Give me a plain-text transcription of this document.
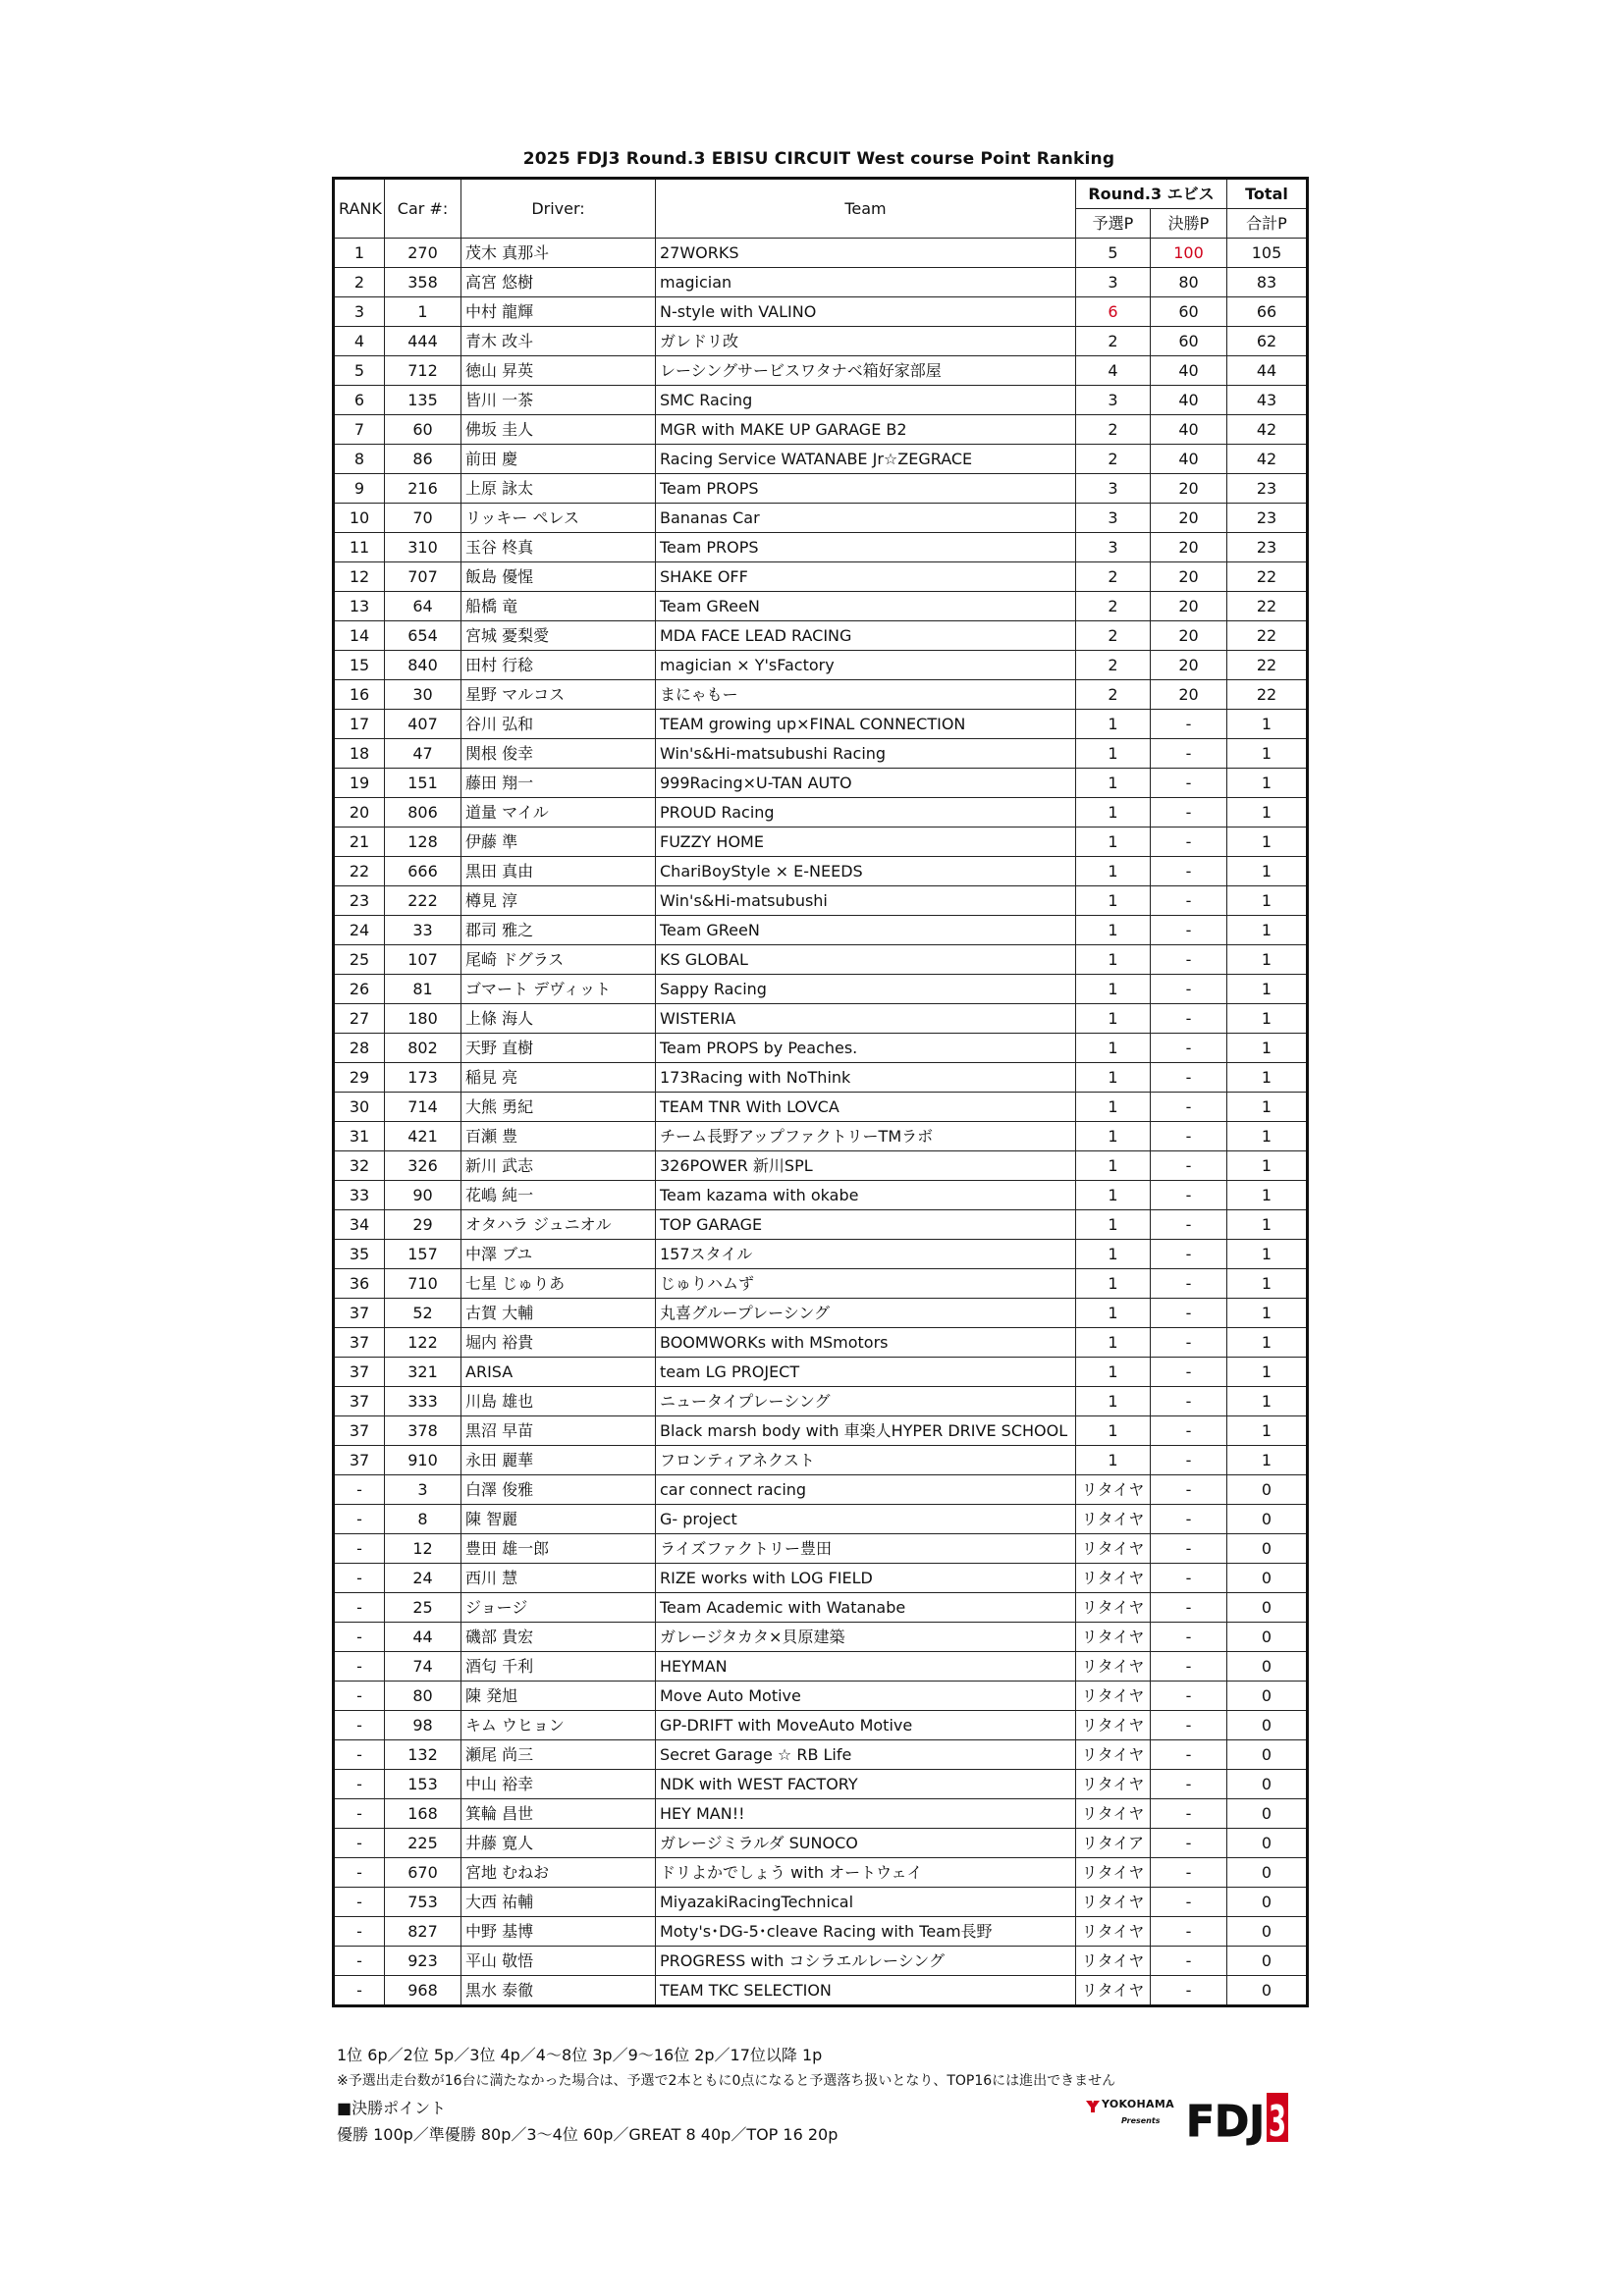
2025 FDJ3 Round.3 EBISU CIRCUIT West course Point Ranking
RANK	Car #:	Driver:	Team	Round.3 エビス		Total
				予選P	決勝P	合計P
1	270	茂木 真那斗	27WORKS	5	100	105
2	358	高宮 悠樹	magician	3	80	83
3	1	中村 龍輝	N-style with VALINO	6	60	66
4	444	青木 改斗	ガレドリ改	2	60	62
5	712	徳山 昇英	レーシングサービスワタナベ箱好家部屋	4	40	44
6	135	皆川 一茶	SMC Racing	3	40	43
7	60	佛坂 圭人	MGR with MAKE UP GARAGE B2	2	40	42
8	86	前田 慶	Racing Service WATANABE Jr☆ZEGRACE	2	40	42
9	216	上原 詠太	Team PROPS	3	20	23
10	70	リッキー ペレス	Bananas Car	3	20	23
11	310	玉谷 柊真	Team PROPS	3	20	23
12	707	飯島 優惺	SHAKE OFF	2	20	22
13	64	船橋 竜	Team GReeN	2	20	22
14	654	宮城 憂梨愛	MDA FACE LEAD RACING	2	20	22
15	840	田村 行稔	magician × Y'sFactory	2	20	22
16	30	星野 マルコス	まにゃもー	2	20	22
17	407	谷川 弘和	TEAM growing up×FINAL CONNECTION	1	-	1
18	47	関根 俊幸	Win's&Hi-matsubushi Racing	1	-	1
19	151	藤田 翔一	999Racing×U-TAN AUTO	1	-	1
20	806	道量 マイル	PROUD Racing	1	-	1
21	128	伊藤 準	FUZZY HOME	1	-	1
22	666	黒田 真由	ChariBoyStyle × E-NEEDS	1	-	1
23	222	樽見 淳	Win's&Hi-matsubushi	1	-	1
24	33	郡司 雅之	Team GReeN	1	-	1
25	107	尾崎 ドグラス	KS GLOBAL	1	-	1
26	81	ゴマート デヴィット	Sappy Racing	1	-	1
27	180	上條 海人	WISTERIA	1	-	1
28	802	天野 直樹	Team PROPS by Peaches.	1	-	1
29	173	稲見 亮	173Racing with NoThink	1	-	1
30	714	大熊 勇紀	TEAM TNR With LOVCA	1	-	1
31	421	百瀬 豊	チーム長野アップファクトリーTMラボ	1	-	1
32	326	新川 武志	326POWER 新川SPL	1	-	1
33	90	花嶋 純一	Team kazama with okabe	1	-	1
34	29	オタハラ ジュニオル	TOP GARAGE	1	-	1
35	157	中澤 ブユ	157スタイル	1	-	1
36	710	七星 じゅりあ	じゅりハムず	1	-	1
37	52	古賀 大輔	丸喜グループレーシング	1	-	1
37	122	堀内 裕貴	BOOMWORKs with MSmotors	1	-	1
37	321	ARISA	team LG PROJECT	1	-	1
37	333	川島 雄也	ニュータイプレーシング	1	-	1
37	378	黒沼 早苗	Black marsh body with 車楽人HYPER DRIVE SCHOOL	1	-	1
37	910	永田 麗華	フロンティアネクスト	1	-	1
-	3	白澤 俊雅	car connect racing	リタイヤ	-	0
-	8	陳 智麗	G- project	リタイヤ	-	0
-	12	豊田 雄一郎	ライズファクトリー豊田	リタイヤ	-	0
-	24	西川 慧	RIZE works with LOG FIELD	リタイヤ	-	0
-	25	ジョージ	Team Academic with Watanabe	リタイヤ	-	0
-	44	磯部 貴宏	ガレージタカタ×貝原建築	リタイヤ	-	0
-	74	酒匂 千利	HEYMAN	リタイヤ	-	0
-	80	陳 発旭	Move Auto Motive	リタイヤ	-	0
-	98	キム ウヒョン	GP-DRIFT with MoveAuto Motive	リタイヤ	-	0
-	132	瀬尾 尚三	Secret Garage ☆ RB Life	リタイヤ	-	0
-	153	中山 裕幸	NDK with WEST FACTORY	リタイヤ	-	0
-	168	箕輪 昌世	HEY MAN!!	リタイヤ	-	0
-	225	井藤 寛人	ガレージミラルダ SUNOCO	リタイア	-	0
-	670	宮地 むねお	ドリよかでしょう with オートウェイ	リタイヤ	-	0
-	753	大西 祐輔	MiyazakiRacingTechnical	リタイヤ	-	0
-	827	中野 基博	Moty's･DG-5･cleave Racing with Team長野	リタイヤ	-	0
-	923	平山 敬悟	PROGRESS with コシラエルレーシング	リタイヤ	-	0
-	968	黒水 泰徹	TEAM TKC SELECTION	リタイヤ	-	0
1位 6p／2位 5p／3位 4p／4～8位 3p／9～16位 2p／17位以降 1p
※予選出走台数が16台に満たなかった場合は、予選で2本ともに0点になると予選落ち扱いとなり、TOP16には進出できません
■決勝ポイント
優勝 100p／準優勝 80p／3～4位 60p／GREAT 8 40p／TOP 16 20p
YOKOHAMA
Presents FDJ 3
